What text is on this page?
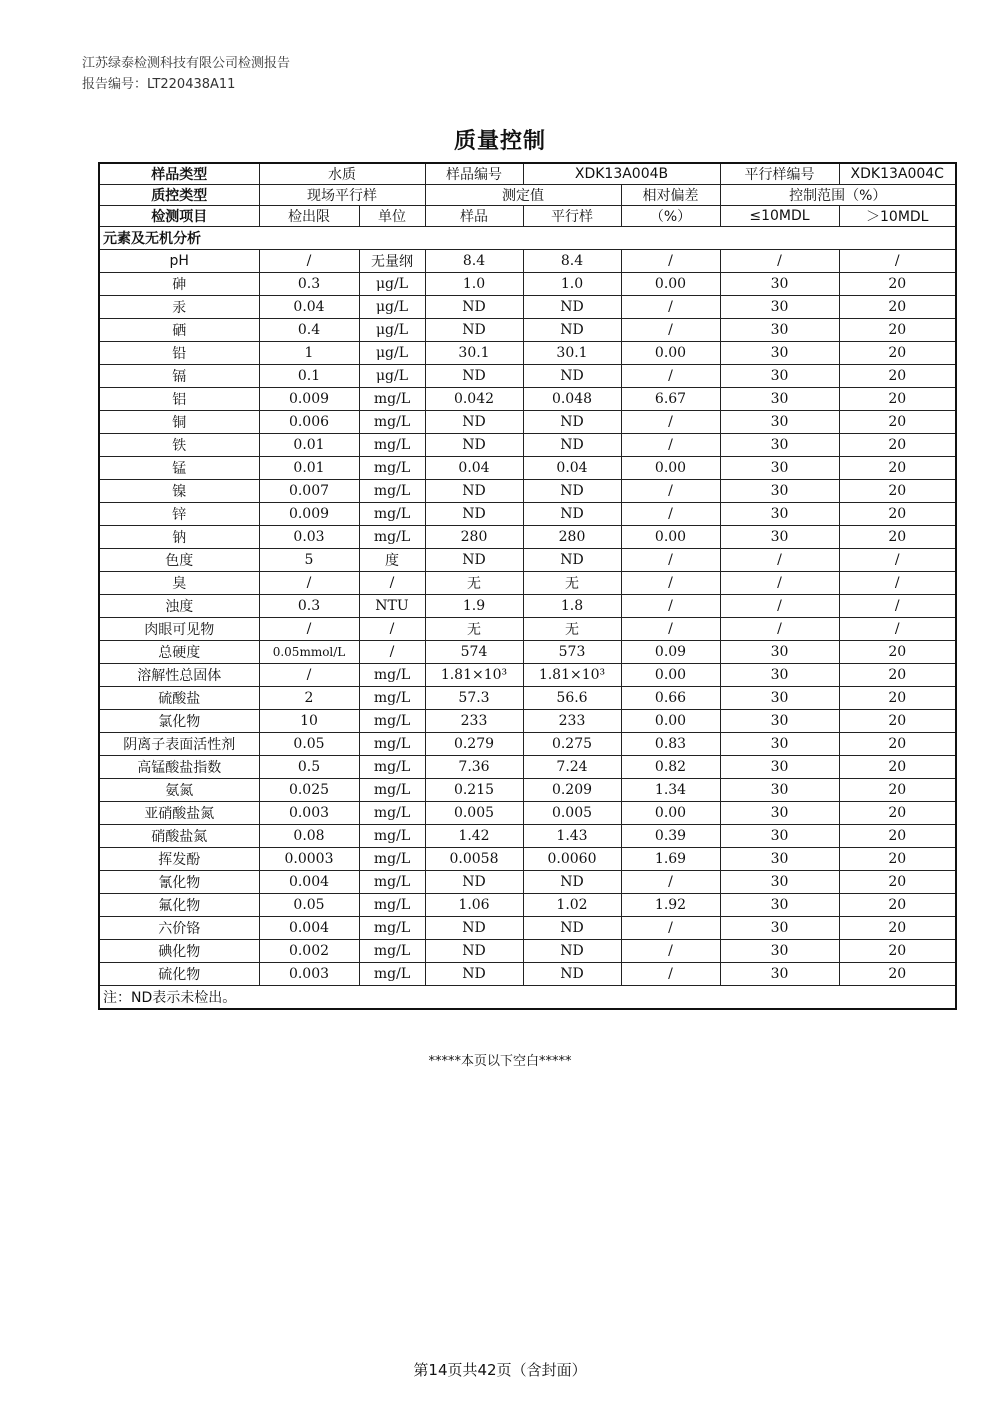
江苏绿泰检测科技有限公司检测报告
报告编号：LT220438A11
质量控制
样品类型	水质		样品编号	XDK13A004B		平行样编号	XDK13A004C
质控类型	现场平行样		测定值		相对偏差	控制范围（%）	
检测项目	检出限	单位	样品	平行样	（%）	≤10MDL	＞10MDL
元素及无机分析							
pH	/	无量纲	8.4	8.4	/	/	/
砷	0.3	μg/L	1.0	1.0	0.00	30	20
汞	0.04	μg/L	ND	ND	/	30	20
硒	0.4	μg/L	ND	ND	/	30	20
铅	1	μg/L	30.1	30.1	0.00	30	20
镉	0.1	μg/L	ND	ND	/	30	20
铝	0.009	mg/L	0.042	0.048	6.67	30	20
铜	0.006	mg/L	ND	ND	/	30	20
铁	0.01	mg/L	ND	ND	/	30	20
锰	0.01	mg/L	0.04	0.04	0.00	30	20
镍	0.007	mg/L	ND	ND	/	30	20
锌	0.009	mg/L	ND	ND	/	30	20
钠	0.03	mg/L	280	280	0.00	30	20
色度	5	度	ND	ND	/	/	/
臭	/	/	无	无	/	/	/
浊度	0.3	NTU	1.9	1.8	/	/	/
肉眼可见物	/	/	无	无	/	/	/
总硬度	0.05mmol/L	/	574	573	0.09	30	20
溶解性总固体	/	mg/L	1.81×10³	1.81×10³	0.00	30	20
硫酸盐	2	mg/L	57.3	56.6	0.66	30	20
氯化物	10	mg/L	233	233	0.00	30	20
阴离子表面活性剂	0.05	mg/L	0.279	0.275	0.83	30	20
高锰酸盐指数	0.5	mg/L	7.36	7.24	0.82	30	20
氨氮	0.025	mg/L	0.215	0.209	1.34	30	20
亚硝酸盐氮	0.003	mg/L	0.005	0.005	0.00	30	20
硝酸盐氮	0.08	mg/L	1.42	1.43	0.39	30	20
挥发酚	0.0003	mg/L	0.0058	0.0060	1.69	30	20
氰化物	0.004	mg/L	ND	ND	/	30	20
氟化物	0.05	mg/L	1.06	1.02	1.92	30	20
六价铬	0.004	mg/L	ND	ND	/	30	20
碘化物	0.002	mg/L	ND	ND	/	30	20
硫化物	0.003	mg/L	ND	ND	/	30	20
注：ND表示未检出。							
*****本页以下空白*****
第14页共42页（含封面）
